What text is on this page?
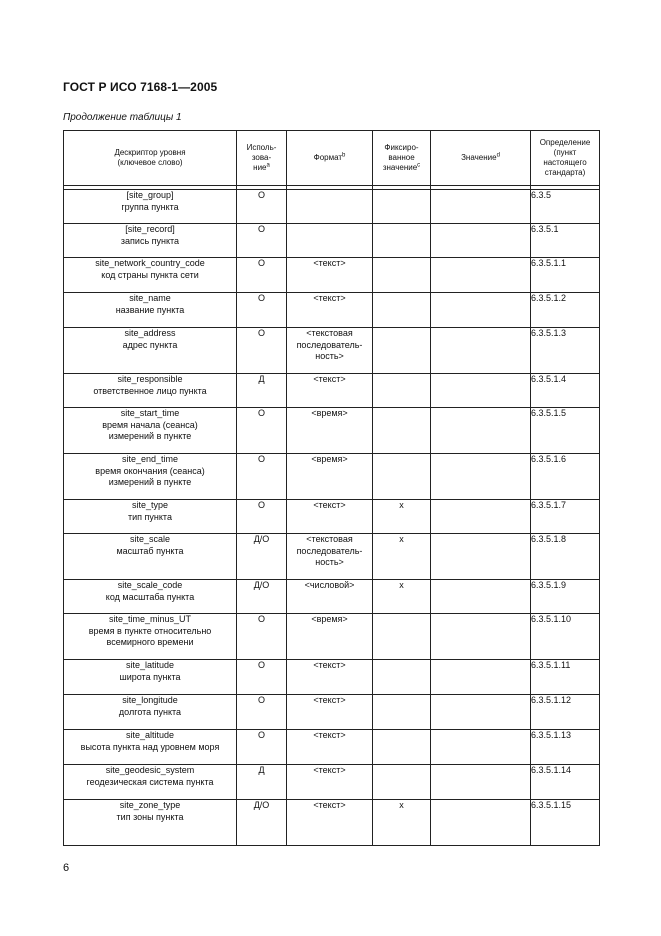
ГОСТ Р ИСО 7168-1—2005
Продолжение таблицы 1
Дескриптор уровня
(ключевое слово)	Исполь-
зова-
ние$^a$	Формат$^b$	Фиксиро-
ванное
значение$^c$	Значение$^d$	Определение
(пункт
настоящего
стандарта)

[site_group]
группа пункта	О				6.3.5

[site_record]
запись пункта	О				6.3.5.1

site_network_country_code
код страны пункта сети	О	<текст>			6.3.5.1.1

site_name
название пункта	О	<текст>			6.3.5.1.2

site_address
адрес пункта	О	<текстовая
последователь-
ность>			6.3.5.1.3

site_responsible
ответственное лицо пункта	Д	<текст>			6.3.5.1.4

site_start_time
время начала (сеанса)
измерений в пункте	О	<время>			6.3.5.1.5

site_end_time
время окончания (сеанса)
измерений в пункте	О	<время>			6.3.5.1.6

site_type
тип пункта	О	<текст>	x		6.3.5.1.7

site_scale
масштаб пункта	Д/О	<текстовая
последователь-
ность>	x		6.3.5.1.8

site_scale_code
код масштаба пункта	Д/О	<числовой>	x		6.3.5.1.9

site_time_minus_UT
время в пункте относительно
всемирного времени	О	<время>			6.3.5.1.10

site_latitude
широта пункта	О	<текст>			6.3.5.1.11

site_longitude
долгота пункта	О	<текст>			6.3.5.1.12

site_altitude
высота пункта над уровнем моря	О	<текст>			6.3.5.1.13

site_geodesic_system
геодезическая система пункта	Д	<текст>			6.3.5.1.14

site_zone_type
тип зоны пункта	Д/О	<текст>	x		6.3.5.1.15
6
